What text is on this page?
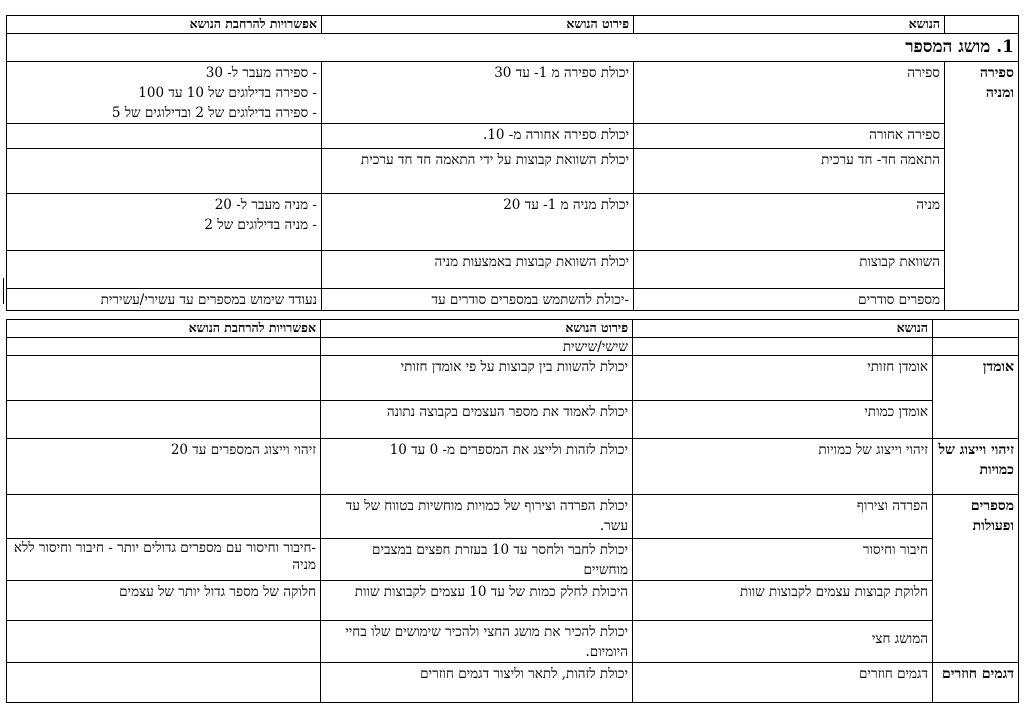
	הנושא	פירוט הנושא	אפשרויות להרחבת הנושא
1. מושג המספר			
ספירה ומניה	ספירה	יכולת ספירה מ 1- עד 30	- ספירה מעבר ל- 30
- ספירה בדילוגים של 10 עד 100
- ספירה בדילוגים של 2 ובדילוגים של 5

	ספירה אחורה	יכולת ספירה אחורה מ- 10.	
	התאמה חד- חד ערכית	יכולת השוואת קבוצות על ידי התאמה חד חד ערכית	
	מניה	יכולת מניה מ 1- עד 20	- מניה מעבר ל- 20
- מניה בדילוגים של 2

	השוואת קבוצות	יכולת השוואת קבוצות באמצעות מניה	
	מספרים סודרים	-יכולת להשתמש במספרים סודרים עד	נעודד שימוש במספרים עד עשירי/עשירית
	הנושא	פירוט הנושא	אפשרויות להרחבת הנושא
		שישי/שישית	
אומדן	אומדן חזותי	יכולת להשוות בין קבוצות על פי אומדן חזותי	
	אומדן כמותי	יכולת לאמוד את מספר העצמים בקבוצה נתונה	
זיהוי וייצוג של כמויות	זיהוי וייצוג של כמויות	יכולת לזהות ולייצג את המספרים מ- 0 עד 10	זיהוי וייצוג המספרים עד 20
מספרים ופעולות	הפרדה וצירוף	יכולת הפרדה וצירוף של כמויות מוחשיות בטווח של עד עשר.	
	חיבור וחיסור	יכולת לחבר ולחסר עד 10 בעזרת חפצים במצבים מוחשיים	-חיבור וחיסור עם מספרים גדולים יותר - חיבור וחיסור ללא מניה
	חלוקת קבוצות עצמים לקבוצות שוות	היכולת לחלק כמות של עד 10 עצמים לקבוצות שוות	חלוקה של מספר גדול יותר של עצמים
	המושג חצי	יכולת להכיר את מושג החצי ולהכיר שימושים שלו בחיי היומיום.	
דגמים חוזרים	דגמים חוזרים	יכולת לזהות, לתאר וליצור דגמים חוזרים	
